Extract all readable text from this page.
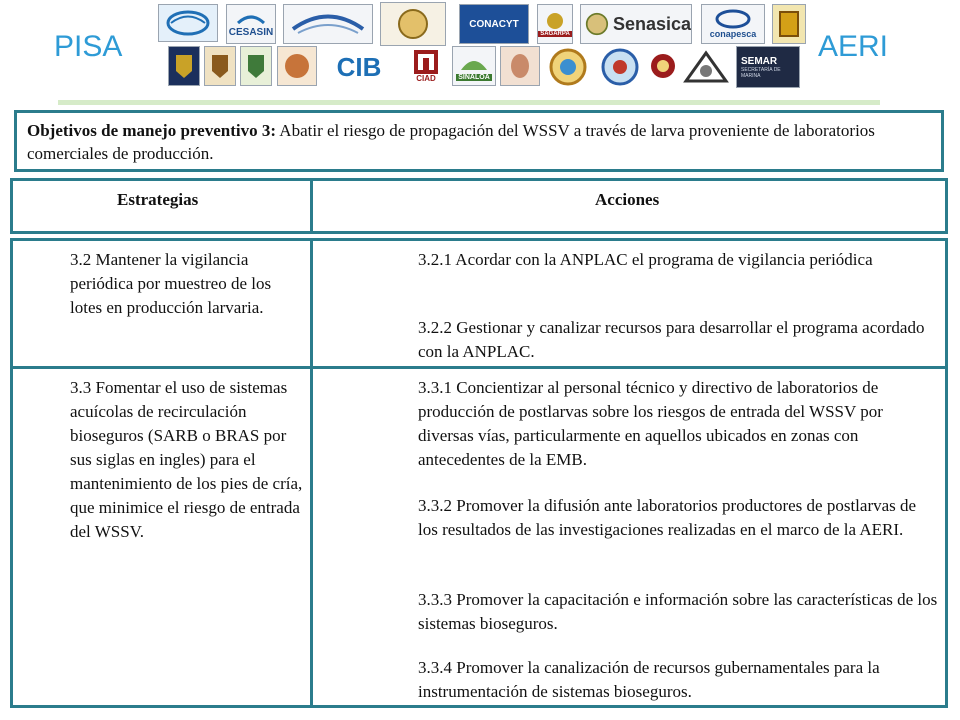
PISA	AERI
CESASIN
CONACYT
SAGARPA
Senasica
conapesca
CIB	CIAD	SINALOA
SEMAR
SECRETARÍA DE MARINA

Objetivos de manejo preventivo 3: Abatir el riesgo de propagación del WSSV a través de larva proveniente de laboratorios comerciales de producción.

Estrategias	Acciones
3.2 Mantener la vigilancia periódica por muestreo de los lotes en producción larvaria.
3.2.1 Acordar con la ANPLAC el programa de vigilancia periódica
3.2.2 Gestionar y canalizar recursos para desarrollar el programa acordado con la ANPLAC.
3.3 Fomentar el uso de sistemas acuícolas de recirculación bioseguros (SARB o BRAS por sus siglas en ingles) para el mantenimiento de los pies de cría, que minimice el riesgo de entrada del WSSV.
3.3.1 Concientizar al personal técnico y directivo de laboratorios de producción de postlarvas sobre los riesgos de entrada del WSSV por diversas vías, particularmente en aquellos ubicados en zonas con antecedentes de la EMB.
3.3.2 Promover la difusión ante laboratorios productores de postlarvas de los resultados de las investigaciones realizadas en el marco de la AERI.
3.3.3 Promover la capacitación e información sobre las características de los sistemas bioseguros.
3.3.4 Promover la canalización de recursos gubernamentales para la instrumentación de sistemas bioseguros.
